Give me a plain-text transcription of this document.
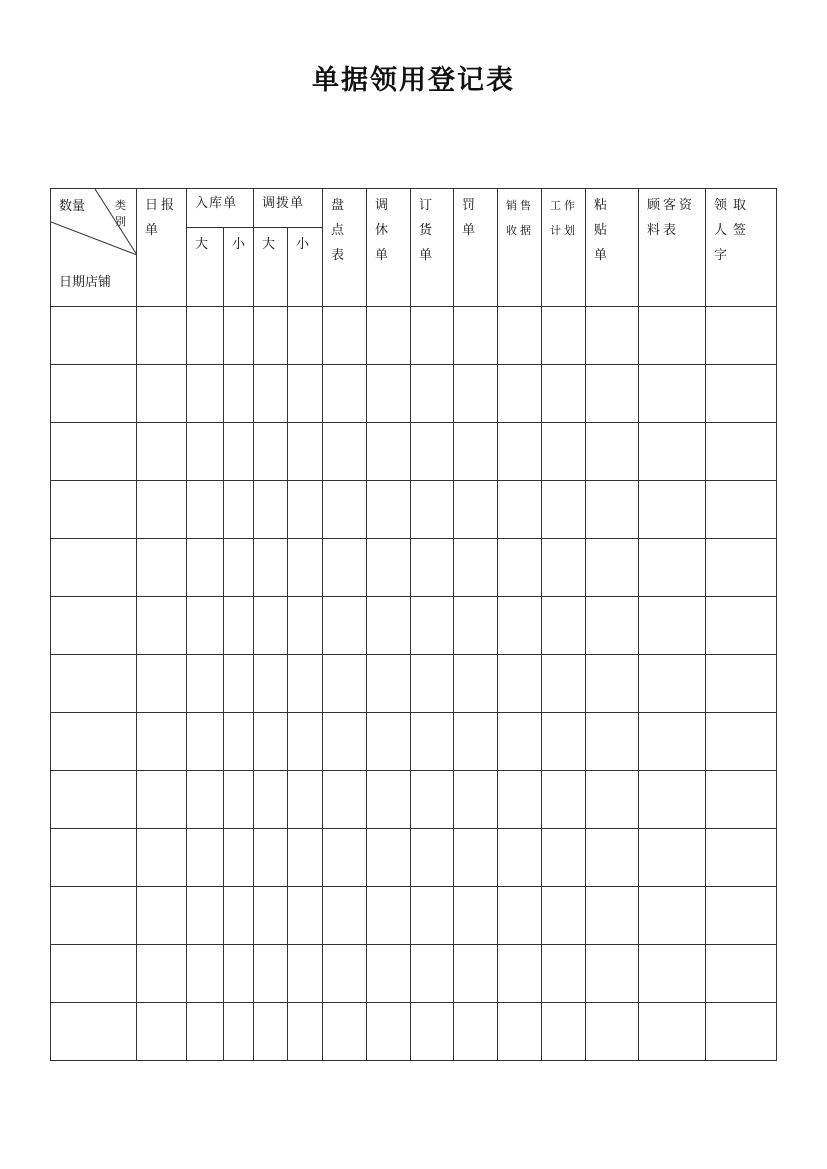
单据领用登记表
数量 类别
日期店铺	日报单	入库单		调拨单		盘点表	调休单	订货单	罚单	销售收据	工作计划	粘贴单	顾客资料表	领取人签字

		大	小	大	小									
